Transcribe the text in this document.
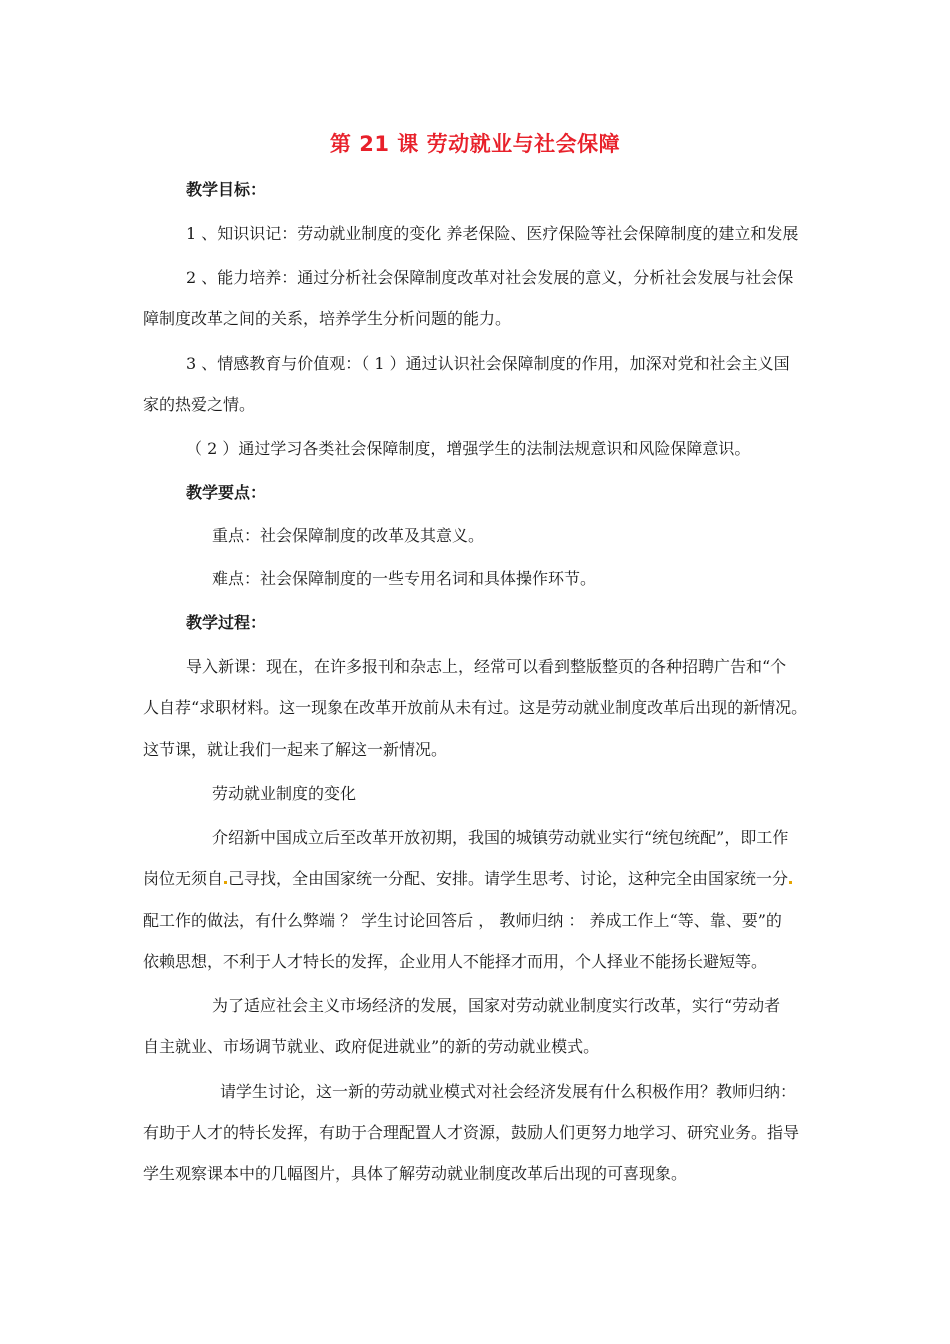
第 21 课 劳动就业与社会保障
教学目标：
1 、知识识记：劳动就业制度的变化 养老保险、医疗保险等社会保障制度的建立和发展
2 、能力培养：通过分析社会保障制度改革对社会发展的意义，分析社会发展与社会保
障制度改革之间的关系，培养学生分析问题的能力。
3 、情感教育与价值观：（ 1 ）通过认识社会保障制度的作用，加深对党和社会主义国
家的热爱之情。
（ 2 ）通过学习各类社会保障制度，增强学生的法制法规意识和风险保障意识。
教学要点：
重点：社会保障制度的改革及其意义。
难点：社会保障制度的一些专用名词和具体操作环节。
教学过程：
导入新课：现在，在许多报刊和杂志上，经常可以看到整版整页的各种招聘广告和“个
人自荐“求职材料。这一现象在改革开放前从未有过。这是劳动就业制度改革后出现的新情况。
这节课，就让我们一起来了解这一新情况。
劳动就业制度的变化
介绍新中国成立后至改革开放初期，我国的城镇劳动就业实行“统包统配”，即工作
岗位无须自 己寻找，全由国家统一分配、安排。请学生思考、讨论，这种完全由国家统一分
配工作的做法，有什么弊端 ？ 学生讨论回答后 ， 教师归纳 ： 养成工作上“等、靠、要”的
依赖思想，不利于人才特长的发挥，企业用人不能择才而用，个人择业不能扬长避短等。
为了适应社会主义市场经济的发展，国家对劳动就业制度实行改革，实行“劳动者
自主就业、市场调节就业、政府促进就业”的新的劳动就业模式。
请学生讨论，这一新的劳动就业模式对社会经济发展有什么积极作用？教师归纳：
有助于人才的特长发挥，有助于合理配置人才资源，鼓励人们更努力地学习、研究业务。指导
学生观察课本中的几幅图片，具体了解劳动就业制度改革后出现的可喜现象。
